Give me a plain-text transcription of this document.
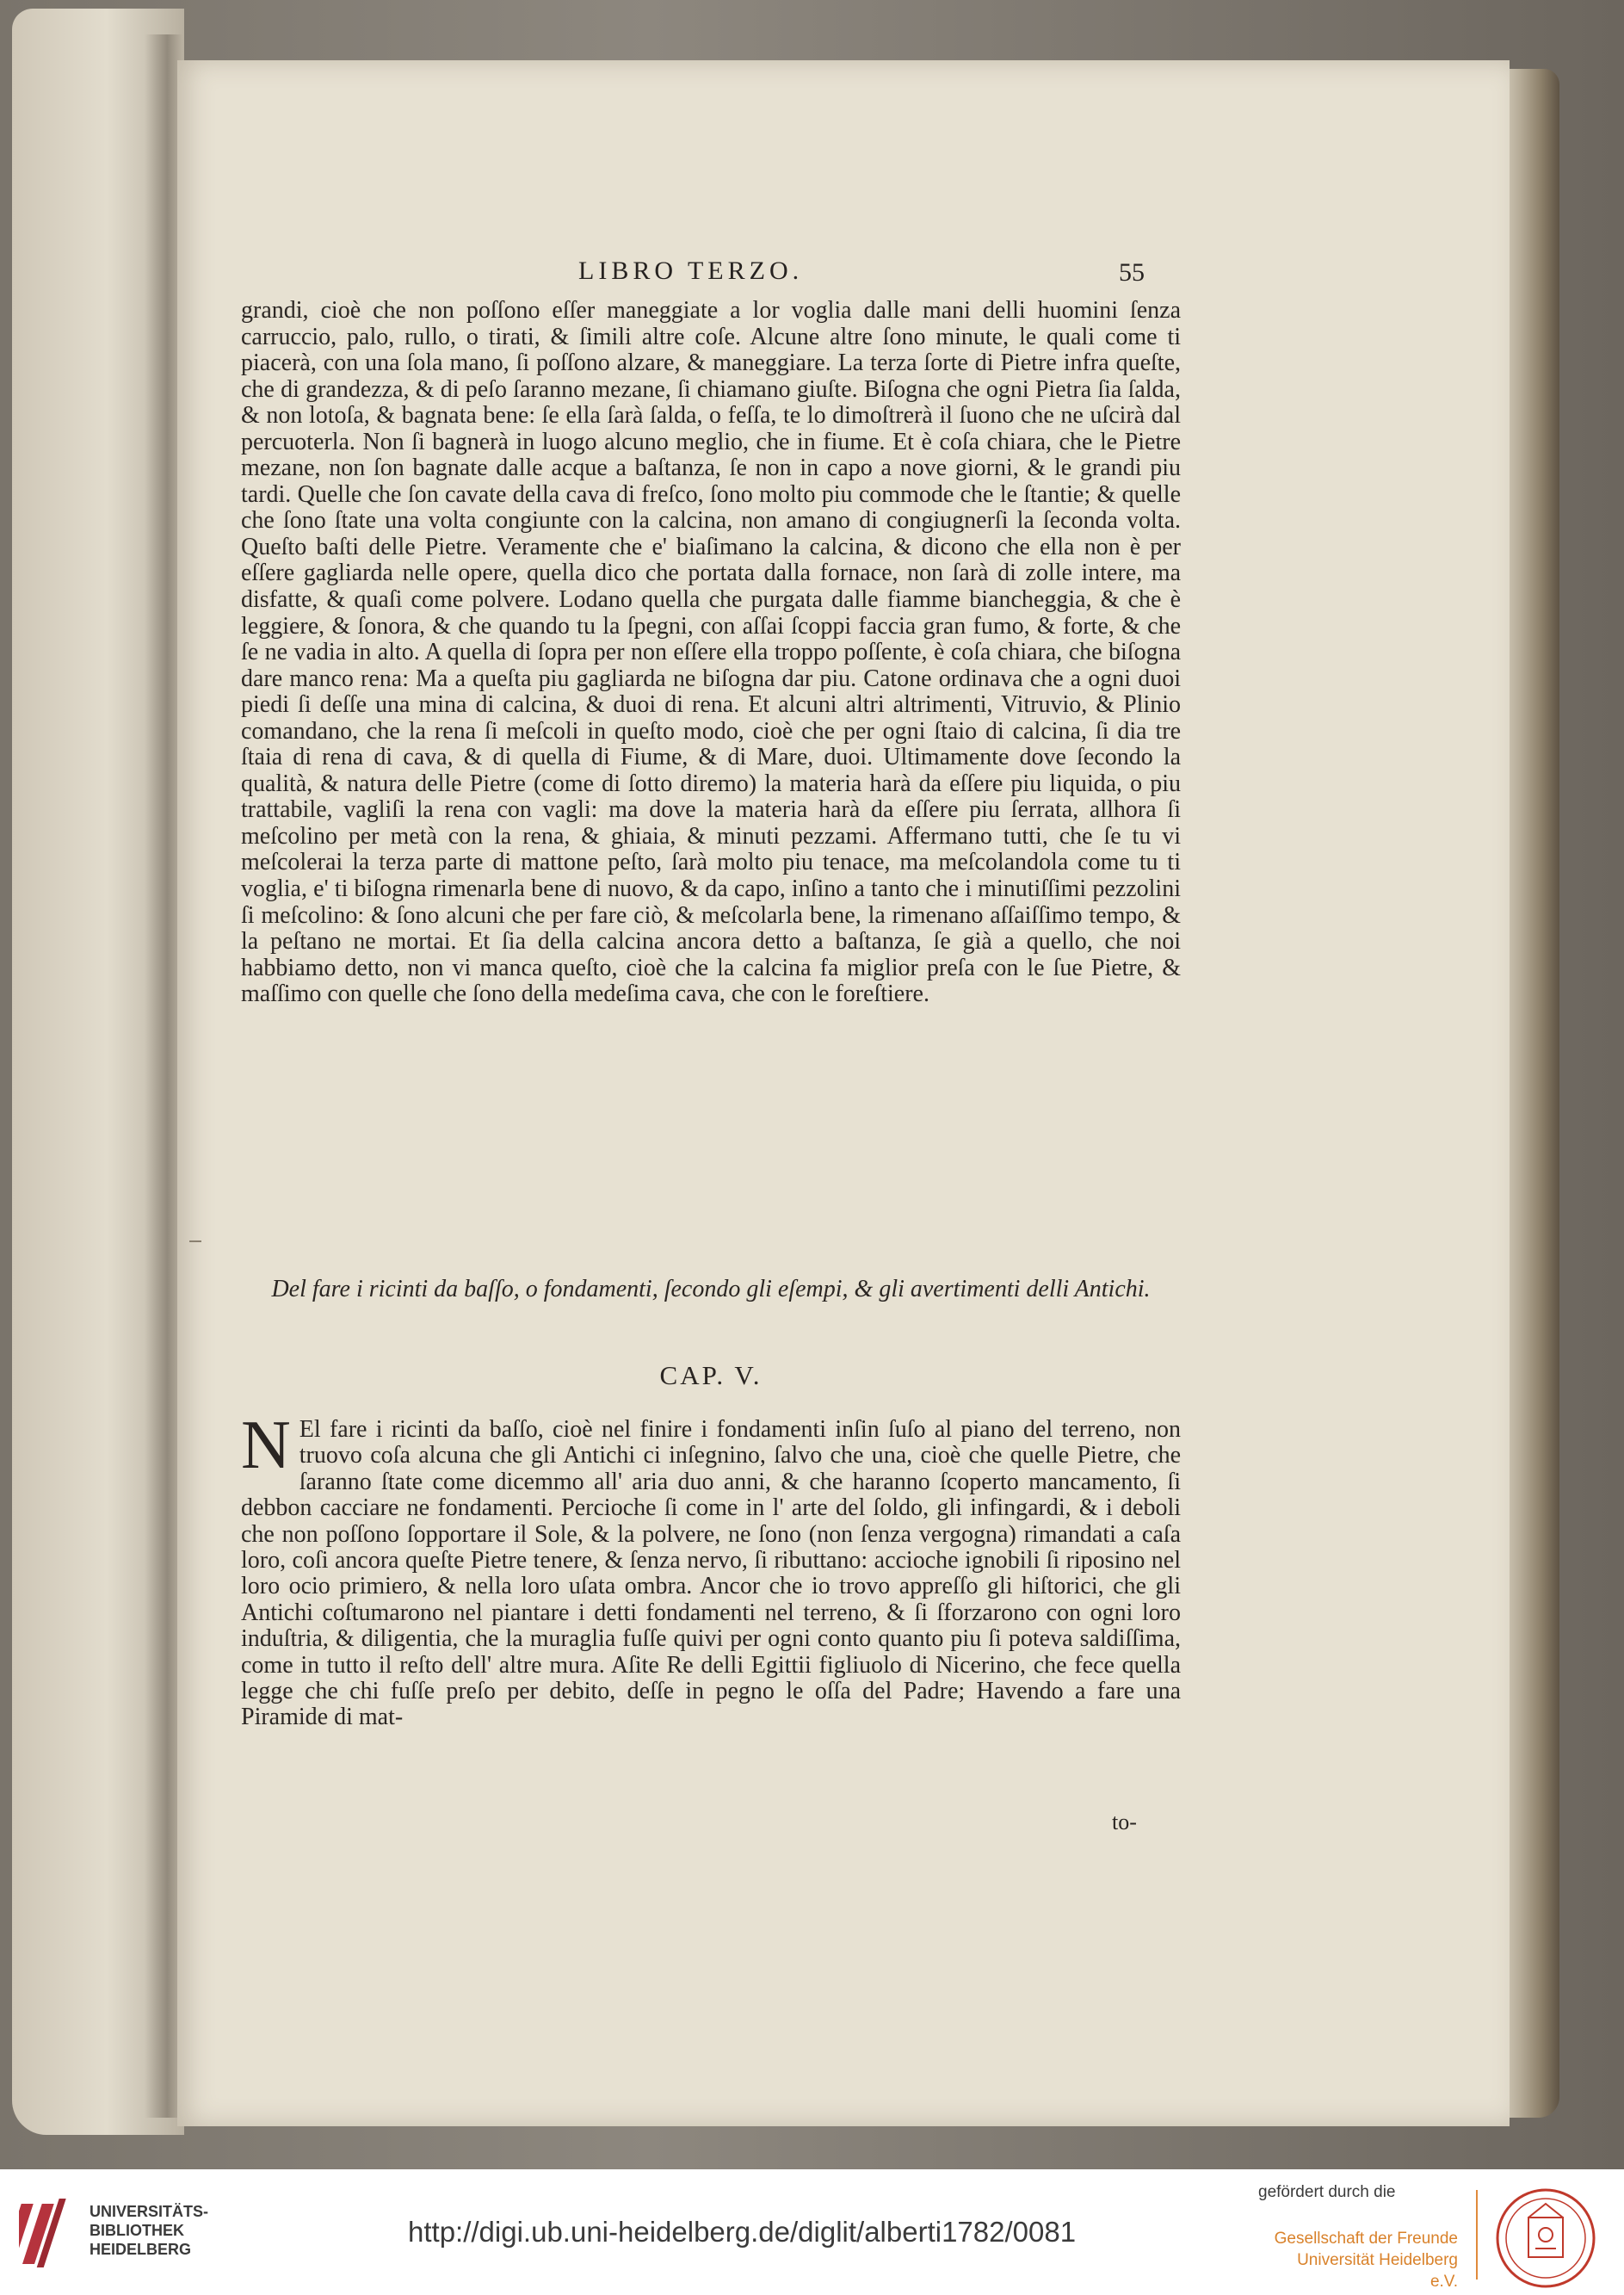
LIBRO TERZO.	55

grandi, cioè che non poſſono eſſer maneggiate a lor voglia dalle mani delli huomini ſenza carruccio, palo, rullo, o tirati, & ſimili altre coſe. Alcune altre ſono minute, le quali come ti piacerà, con una ſola mano, ſi poſſono alzare, & maneggiare. La terza ſorte di Pietre infra queſte, che di grandezza, & di peſo ſaranno mezane, ſi chiamano giuſte. Biſogna che ogni Pietra ſia ſalda, & non lotoſa, & bagnata bene: ſe ella ſarà ſalda, o feſſa, te lo dimoſtrerà il ſuono che ne uſcirà dal percuoterla. Non ſi bagnerà in luogo alcuno meglio, che in fiume. Et è coſa chiara, che le Pietre mezane, non ſon bagnate dalle acque a baſtanza, ſe non in capo a nove giorni, & le grandi piu tardi. Quelle che ſon cavate della cava di freſco, ſono molto piu commode che le ſtantie; & quelle che ſono ſtate una volta congiunte con la calcina, non amano di congiugnerſi la ſeconda volta. Queſto baſti delle Pietre. Veramente che e' biaſimano la calcina, & dicono che ella non è per eſſere gagliarda nelle opere, quella dico che portata dalla fornace, non ſarà di zolle intere, ma disfatte, & quaſi come polvere. Lodano quella che purgata dalle fiamme biancheggia, & che è leggiere, & ſonora, & che quando tu la ſpegni, con aſſai ſcoppi faccia gran fumo, & forte, & che ſe ne vadia in alto. A quella di ſopra per non eſſere ella troppo poſſente, è coſa chiara, che biſogna dare manco rena: Ma a queſta piu gagliarda ne biſogna dar piu. Catone ordinava che a ogni duoi piedi ſi deſſe una mina di calcina, & duoi di rena. Et alcuni altri altrimenti, Vitruvio, & Plinio comandano, che la rena ſi meſcoli in queſto modo, cioè che per ogni ſtaio di calcina, ſi dia tre ſtaia di rena di cava, & di quella di Fiume, & di Mare, duoi. Ultimamente dove ſecondo la qualità, & natura delle Pietre (come di ſotto diremo) la materia harà da eſſere piu liquida, o piu trattabile, vagliſi la rena con vagli: ma dove la materia harà da eſſere piu ſerrata, allhora ſi meſcolino per metà con la rena, & ghiaia, & minuti pezzami. Affermano tutti, che ſe tu vi meſcolerai la terza parte di mattone peſto, ſarà molto piu tenace, ma meſcolandola come tu ti voglia, e' ti biſogna rimenarla bene di nuovo, & da capo, inſino a tanto che i minutiſſimi pezzolini ſi meſcolino: & ſono alcuni che per fare ciò, & meſcolarla bene, la rimenano aſſaiſſimo tempo, & la peſtano ne mortai. Et ſia della calcina ancora detto a baſtanza, ſe già a quello, che noi habbiamo detto, non vi manca queſto, cioè che la calcina fa miglior preſa con le ſue Pietre, & maſſimo con quelle che ſono della medeſima cava, che con le foreſtiere.

Del fare i ricinti da baſſo, o fondamenti, ſecondo gli eſempi, & gli avertimenti delli Antichi.
CAP. V.

N El fare i ricinti da baſſo, cioè nel finire i fondamenti inſin ſuſo al piano del terreno, non truovo coſa alcuna che gli Antichi ci inſegnino, ſalvo che una, cioè che quelle Pietre, che ſaranno ſtate come dicemmo all' aria duo anni, & che haranno ſcoperto mancamento, ſi debbon cacciare ne fondamenti. Percioche ſi come in l' arte del ſoldo, gli infingardi, & i deboli che non poſſono ſopportare il Sole, & la polvere, ne ſono (non ſenza vergogna) rimandati a caſa loro, coſi ancora queſte Pietre tenere, & ſenza nervo, ſi ributtano: accioche ignobili ſi riposino nel loro ocio primiero, & nella loro uſata ombra. Ancor che io trovo appreſſo gli hiſtorici, che gli Antichi coſtumarono nel piantare i detti fondamenti nel terreno, & ſi ſforzarono con ogni loro induſtria, & diligentia, che la muraglia fuſſe quivi per ogni conto quanto piu ſi poteva saldiſſima, come in tutto il reſto dell' altre mura. Aſite Re delli Egittii figliuolo di Nicerino, che fece quella legge che chi fuſſe preſo per debito, deſſe in pegno le oſſa del Padre; Havendo a fare una Piramide di mat-

to-
UNIVERSITÄTS-
BIBLIOTHEK
HEIDELBERG
http://digi.ub.uni-heidelberg.de/diglit/alberti1782/0081
gefördert durch die
Gesellschaft der Freunde
Universität Heidelberg e.V.
